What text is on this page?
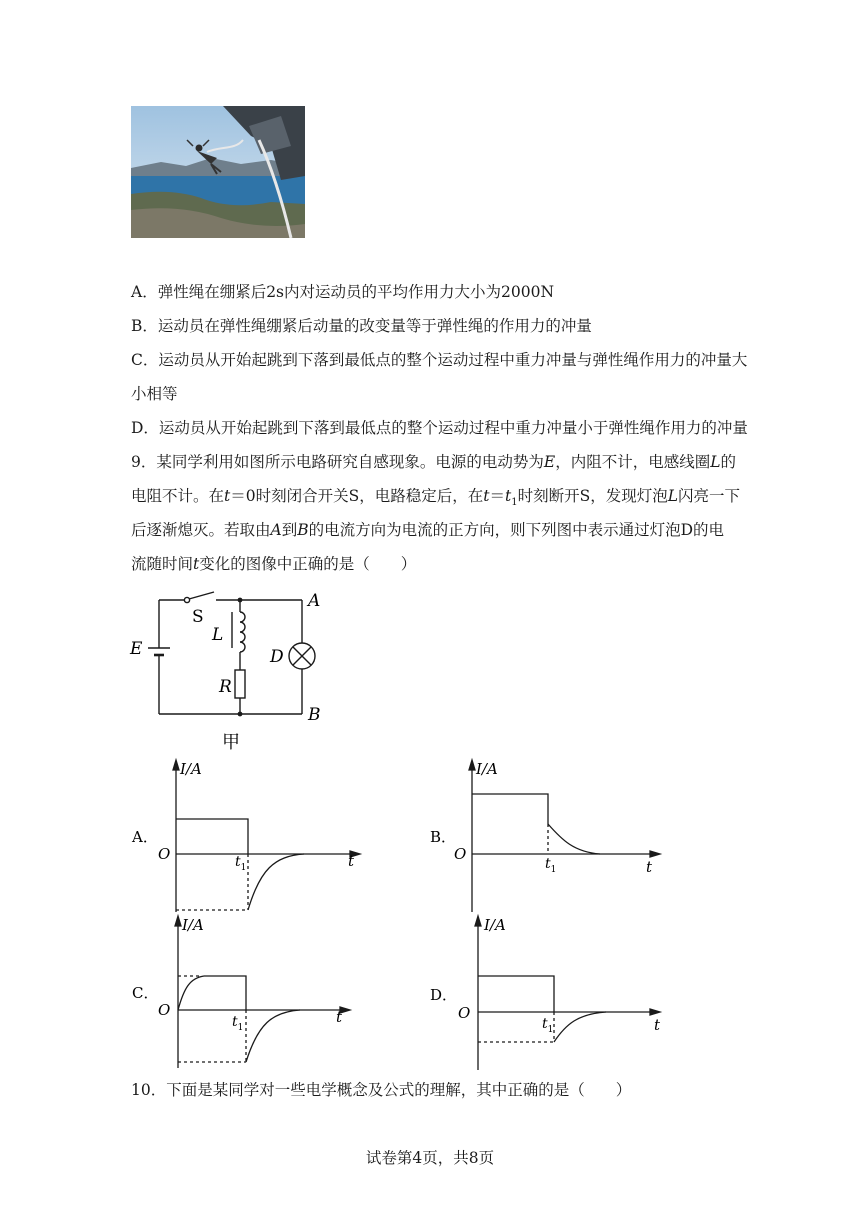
A．弹性绳在绷紧后2s内对运动员的平均作用力大小为2000N
B．运动员在弹性绳绷紧后动量的改变量等于弹性绳的作用力的冲量
C．运动员从开始起跳到下落到最低点的整个运动过程中重力冲量与弹性绳作用力的冲量大
小相等
D．运动员从开始起跳到下落到最低点的整个运动过程中重力冲量小于弹性绳作用力的冲量
9．某同学利用如图所示电路研究自感现象。电源的电动势为E，内阻不计，电感线圈L的
电阻不计。在t＝0时刻闭合开关S，电路稳定后，在$t=t_1$时刻断开S，发现灯泡L闪亮一下
后逐渐熄灭。若取由A到B的电流方向为电流的正方向，则下列图中表示通过灯泡D的电
流随时间t变化的图像中正确的是（　　）
S
L
E	D
R
A
B
甲
I/A
O	t
$t_1$
A．
I/A
O
t
$t_1$
B．
I/A
O	t
$t_1$
C．
I/A
O
t
$t_1$
D．
10．下面是某同学对一些电学概念及公式的理解，其中正确的是（　　）
试卷第4页，共8页
